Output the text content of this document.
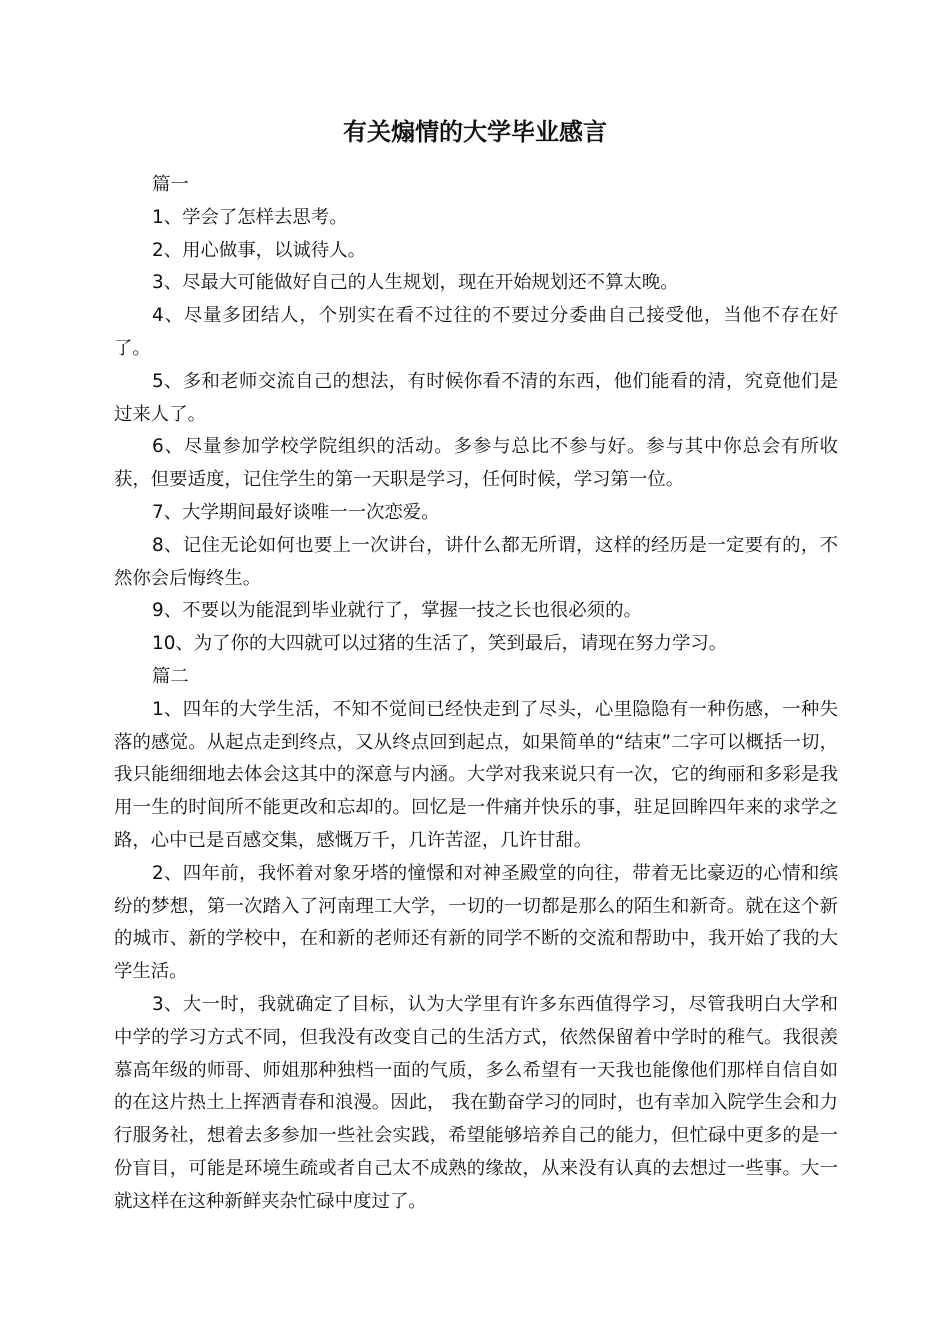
有关煽情的大学毕业感言

篇一

1、学会了怎样去思考。

2、用心做事，以诚待人。

3、尽最大可能做好自己的人生规划，现在开始规划还不算太晚。

4、尽量多团结人，个别实在看不过往的不要过分委曲自己接受他，当他不存在好了。

5、多和老师交流自己的想法，有时候你看不清的东西，他们能看的清，究竟他们是过来人了。

6、尽量参加学校学院组织的活动。多参与总比不参与好。参与其中你总会有所收获，但要适度，记住学生的第一天职是学习，任何时候，学习第一位。

7、大学期间最好谈唯一一次恋爱。

8、记住无论如何也要上一次讲台，讲什么都无所谓，这样的经历是一定要有的，不然你会后悔终生。

9、不要以为能混到毕业就行了，掌握一技之长也很必须的。

10、为了你的大四就可以过猪的生活了，笑到最后，请现在努力学习。

篇二

1、四年的大学生活，不知不觉间已经快走到了尽头，心里隐隐有一种伤感，一种失落的感觉。从起点走到终点，又从终点回到起点，如果简单的“结束”二字可以概括一切，我只能细细地去体会这其中的深意与内涵。大学对我来说只有一次，它的绚丽和多彩是我用一生的时间所不能更改和忘却的。回忆是一件痛并快乐的事，驻足回眸四年来的求学之路，心中已是百感交集，感慨万千，几许苦涩，几许甘甜。

2、四年前，我怀着对象牙塔的憧憬和对神圣殿堂的向往，带着无比豪迈的心情和缤纷的梦想，第一次踏入了河南理工大学，一切的一切都是那么的陌生和新奇。就在这个新的城市、新的学校中，在和新的老师还有新的同学不断的交流和帮助中，我开始了我的大学生活。

3、大一时，我就确定了目标，认为大学里有许多东西值得学习，尽管我明白大学和中学的学习方式不同，但我没有改变自己的生活方式，依然保留着中学时的稚气。我很羡慕高年级的师哥、师姐那种独档一面的气质，多么希望有一天我也能像他们那样自信自如的在这片热土上挥洒青春和浪漫。因此， 我在勤奋学习的同时，也有幸加入院学生会和力行服务社，想着去多参加一些社会实践，希望能够培养自己的能力，但忙碌中更多的是一份盲目，可能是环境生疏或者自己太不成熟的缘故，从来没有认真的去想过一些事。大一就这样在这种新鲜夹杂忙碌中度过了。
